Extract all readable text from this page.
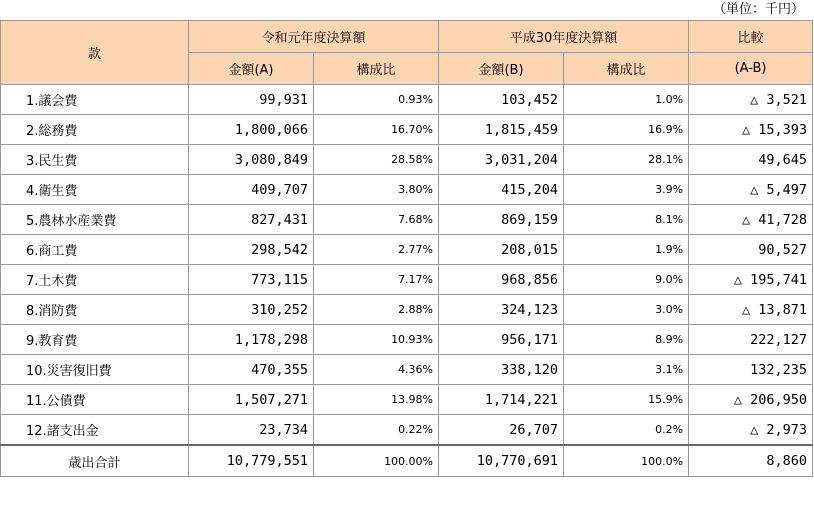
（単位：千円）
款	令和元年度決算額		平成30年度決算額		比較
	金額(A)	構成比	金額(B)	構成比	(A-B)
1.議会費	99,931	0.93%	103,452	1.0%	△ 3,521
2.総務費	1,800,066	16.70%	1,815,459	16.9%	△ 15,393
3.民生費	3,080,849	28.58%	3,031,204	28.1%	49,645
4.衛生費	409,707	3.80%	415,204	3.9%	△ 5,497
5.農林水産業費	827,431	7.68%	869,159	8.1%	△ 41,728
6.商工費	298,542	2.77%	208,015	1.9%	90,527
7.土木費	773,115	7.17%	968,856	9.0%	△ 195,741
8.消防費	310,252	2.88%	324,123	3.0%	△ 13,871
9.教育費	1,178,298	10.93%	956,171	8.9%	222,127
10.災害復旧費	470,355	4.36%	338,120	3.1%	132,235
11.公債費	1,507,271	13.98%	1,714,221	15.9%	△ 206,950
12.諸支出金	23,734	0.22%	26,707	0.2%	△ 2,973
歳出合計	10,779,551	100.00%	10,770,691	100.0%	8,860
